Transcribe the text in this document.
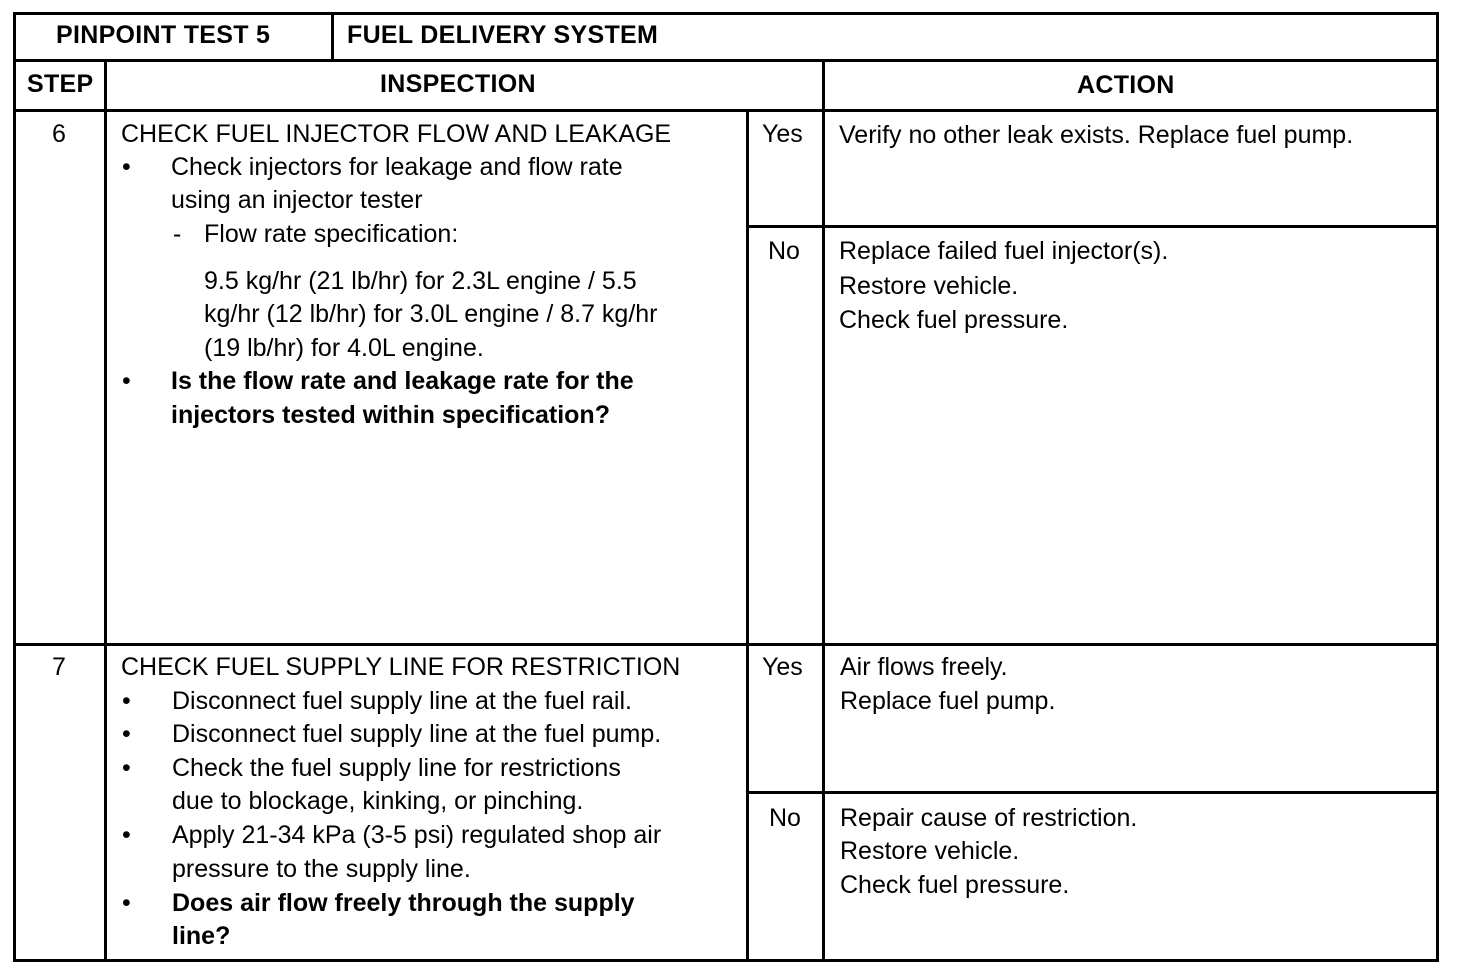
PINPOINT TEST 5	FUEL DELIVERY SYSTEM
STEP	INSPECTION	ACTION
6 CHECK FUEL INJECTOR FLOW AND LEAKAGE
• Check injectors for leakage and flow rate
using an injector tester
- Flow rate specification:
9.5 kg/hr (21 lb/hr) for 2.3L engine / 5.5
kg/hr (12 lb/hr) for 3.0L engine / 8.7 kg/hr
(19 lb/hr) for 4.0L engine.
• Is the flow rate and leakage rate for the
injectors tested within specification?
Yes Verify no other leak exists. Replace fuel pump.
No Replace failed fuel injector(s).
Restore vehicle.
Check fuel pressure.
7 CHECK FUEL SUPPLY LINE FOR RESTRICTION
• Disconnect fuel supply line at the fuel rail.
• Disconnect fuel supply line at the fuel pump.
• Check the fuel supply line for restrictions
due to blockage, kinking, or pinching.
• Apply 21-34 kPa (3-5 psi) regulated shop air
pressure to the supply line.
• Does air flow freely through the supply
line?
Yes Air flows freely.
Replace fuel pump.
No Repair cause of restriction.
Restore vehicle.
Check fuel pressure.
